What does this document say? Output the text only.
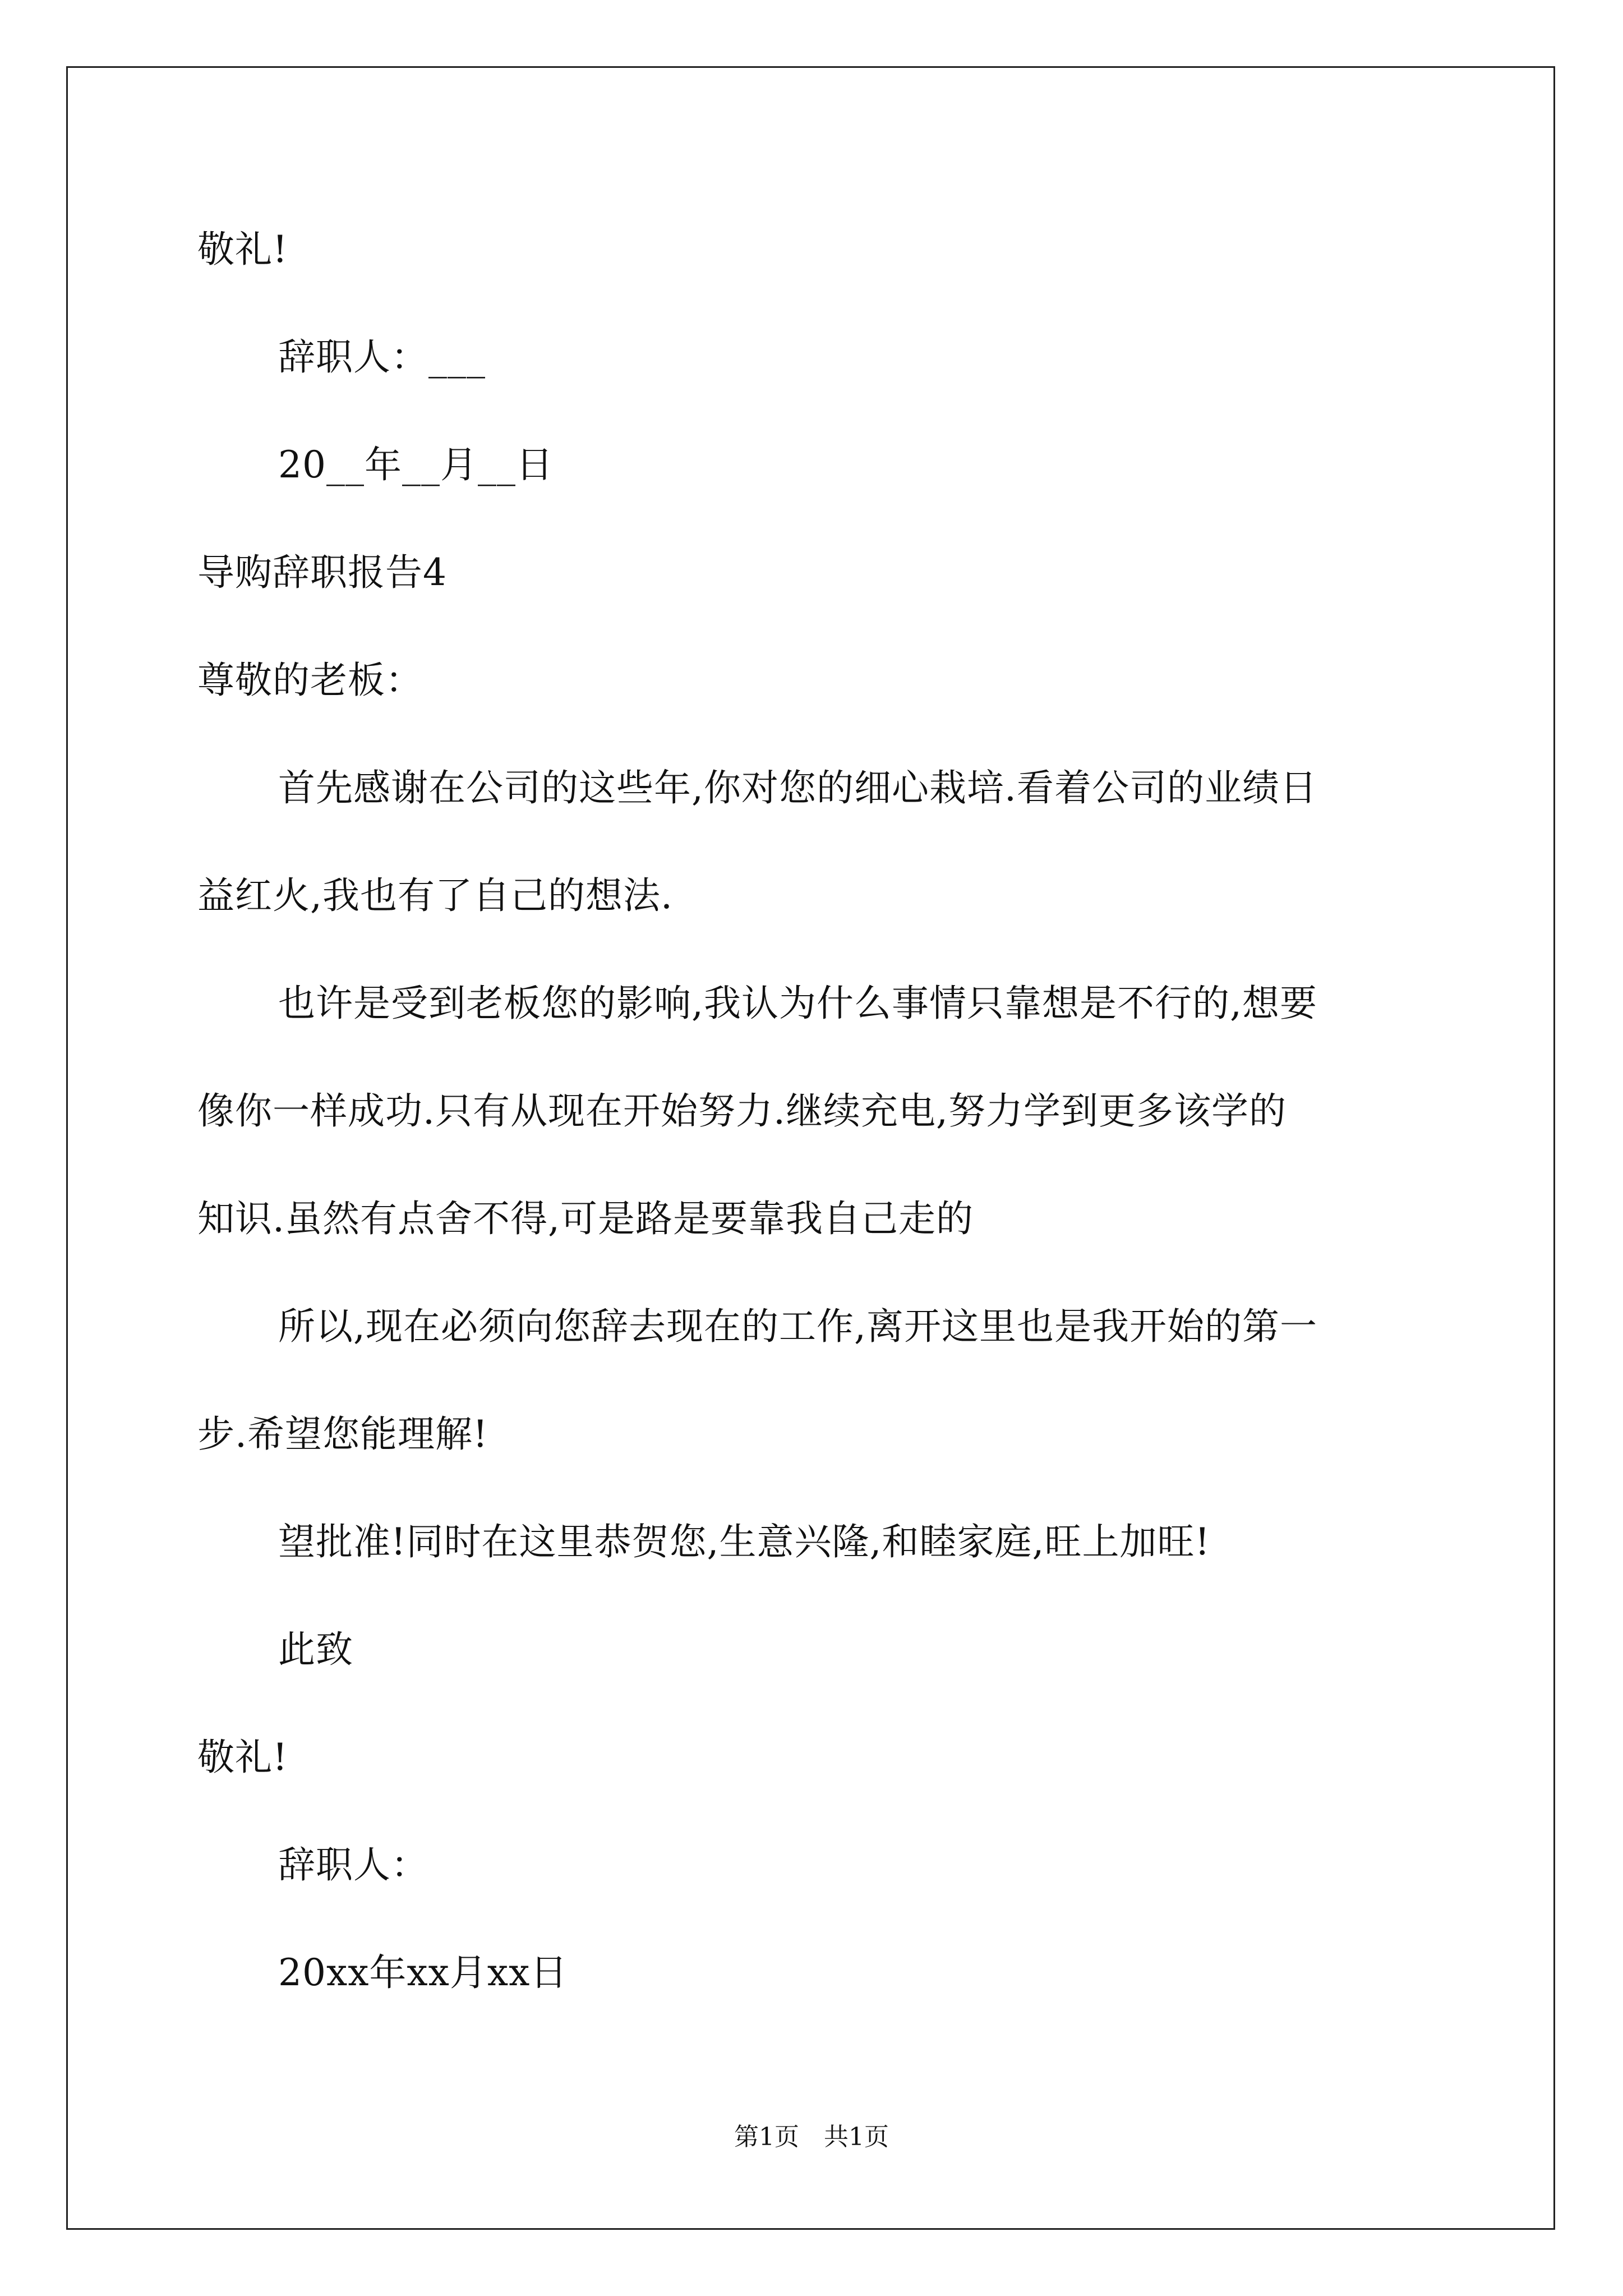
敬礼!

辞职人：___

20__年__月__日

导购辞职报告4

尊敬的老板：

首先感谢在公司的这些年,你对您的细心栽培.看着公司的业绩日

益红火,我也有了自己的想法.

也许是受到老板您的影响,我认为什么事情只靠想是不行的,想要

像你一样成功.只有从现在开始努力.继续充电,努力学到更多该学的

知识.虽然有点舍不得,可是路是要靠我自己走的

所以,现在必须向您辞去现在的工作,离开这里也是我开始的第一

步.希望您能理解!

望批准!同时在这里恭贺您,生意兴隆,和睦家庭,旺上加旺!

此致

敬礼!

辞职人：

20xx年xx月xx日

第1页　共1页
